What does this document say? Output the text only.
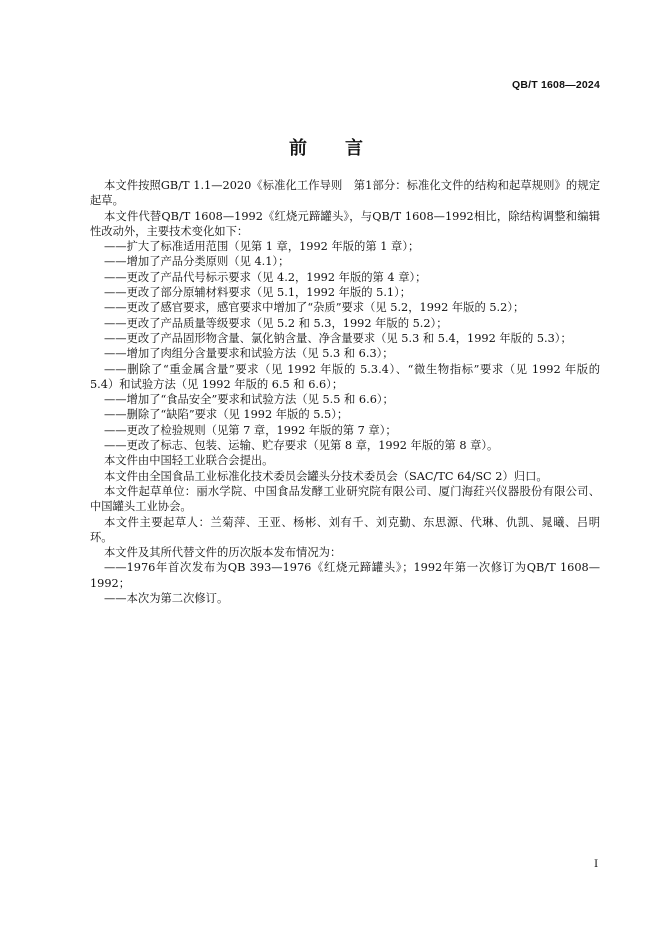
QB/T 1608—2024
前　言

本文件按照GB/T 1.1—2020《标准化工作导则　第1部分：标准化文件的结构和起草规则》的规定起草。

本文件代替QB/T 1608—1992《红烧元蹄罐头》，与QB/T 1608—1992相比，除结构调整和编辑性改动外，主要技术变化如下：

——扩大了标准适用范围（见第 1 章，1992 年版的第 1 章）；

——增加了产品分类原则（见 4.1）；

——更改了产品代号标示要求（见 4.2，1992 年版的第 4 章）；

——更改了部分原辅材料要求（见 5.1，1992 年版的 5.1）；

——更改了感官要求，感官要求中增加了“杂质”要求（见 5.2，1992 年版的 5.2）；

——更改了产品质量等级要求（见 5.2 和 5.3，1992 年版的 5.2）；

——更改了产品固形物含量、氯化钠含量、净含量要求（见 5.3 和 5.4，1992 年版的 5.3）；

——增加了肉组分含量要求和试验方法（见 5.3 和 6.3）；

——删除了“重金属含量”要求（见 1992 年版的 5.3.4）、“微生物指标”要求（见 1992 年版的 5.4）和试验方法（见 1992 年版的 6.5 和 6.6）；

——增加了“食品安全”要求和试验方法（见 5.5 和 6.6）；

——删除了“缺陷”要求（见 1992 年版的 5.5）；

——更改了检验规则（见第 7 章，1992 年版的第 7 章）；

——更改了标志、包装、运输、贮存要求（见第 8 章，1992 年版的第 8 章）。

本文件由中国轻工业联合会提出。

本文件由全国食品工业标准化技术委员会罐头分技术委员会（SAC/TC 64/SC 2）归口。

本文件起草单位：丽水学院、中国食品发酵工业研究院有限公司、厦门海荭兴仪器股份有限公司、中国罐头工业协会。

本文件主要起草人：兰菊萍、王亚、杨彬、刘有千、刘克勤、东思源、代琳、仇凯、晁曦、吕明环。

本文件及其所代替文件的历次版本发布情况为：

——1976年首次发布为QB 393—1976《红烧元蹄罐头》；1992年第一次修订为QB/T 1608—1992；

——本次为第二次修订。

I
